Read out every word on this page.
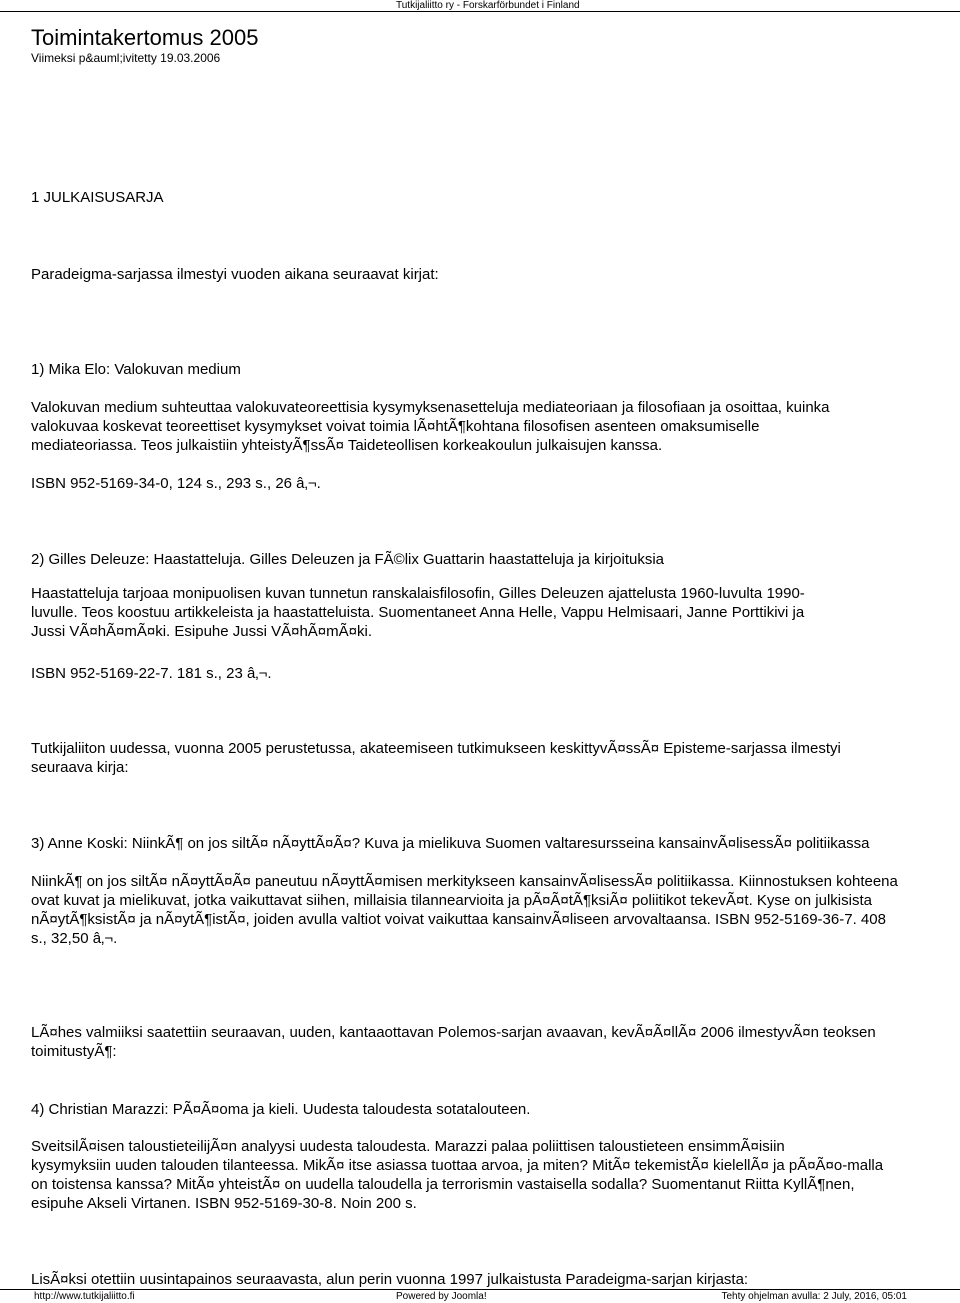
Tutkijaliitto ry - Forskarförbundet i Finland
Toimintakertomus 2005
Viimeksi p&auml;ivitetty 19.03.2006
1 JULKAISUSARJA
Paradeigma-sarjassa ilmestyi vuoden aikana seuraavat kirjat:
1) Mika Elo: Valokuvan medium
Valokuvan medium suhteuttaa valokuvateoreettisia kysymyksenasetteluja mediateoriaan ja filosofiaan ja osoittaa, kuinka
valokuvaa koskevat teoreettiset kysymykset voivat toimia lÃ¤htÃ¶kohtana filosofisen asenteen omaksumiselle
mediateoriassa. Teos julkaistiin yhteistyÃ¶ssÃ¤ Taideteollisen korkeakoulun julkaisujen kanssa.
ISBN 952-5169-34-0, 124 s., 293 s., 26 â‚¬.
2) Gilles Deleuze: Haastatteluja. Gilles Deleuzen ja FÃ©lix Guattarin haastatteluja ja kirjoituksia
Haastatteluja tarjoaa monipuolisen kuvan tunnetun ranskalaisfilosofin, Gilles Deleuzen ajattelusta 1960-luvulta 1990-
luvulle. Teos koostuu artikkeleista ja haastatteluista. Suomentaneet Anna Helle, Vappu Helmisaari, Janne Porttikivi ja
Jussi VÃ¤hÃ¤mÃ¤ki. Esipuhe Jussi VÃ¤hÃ¤mÃ¤ki.
ISBN 952-5169-22-7. 181 s., 23 â‚¬.
Tutkijaliiton uudessa, vuonna 2005 perustetussa, akateemiseen tutkimukseen keskittyvÃ¤ssÃ¤ Episteme-sarjassa ilmestyi
seuraava kirja:
3) Anne Koski: NiinkÃ¶ on jos siltÃ¤ nÃ¤yttÃ¤Ã¤? Kuva ja mielikuva Suomen valtaresursseina kansainvÃ¤lisessÃ¤ politiikassa
NiinkÃ¶ on jos siltÃ¤ nÃ¤yttÃ¤Ã¤ paneutuu nÃ¤yttÃ¤misen merkitykseen kansainvÃ¤lisessÃ¤ politiikassa. Kiinnostuksen kohteena
ovat kuvat ja mielikuvat, jotka vaikuttavat siihen, millaisia tilannearvioita ja pÃ¤Ã¤tÃ¶ksiÃ¤ poliitikot tekevÃ¤t. Kyse on julkisista
nÃ¤ytÃ¶ksistÃ¤ ja nÃ¤ytÃ¶istÃ¤, joiden avulla valtiot voivat vaikuttaa kansainvÃ¤liseen arvovaltaansa. ISBN 952-5169-36-7. 408
s., 32,50 â‚¬.
LÃ¤hes valmiiksi saatettiin seuraavan, uuden, kantaaottavan Polemos-sarjan avaavan, kevÃ¤Ã¤llÃ¤ 2006 ilmestyvÃ¤n teoksen
toimitustyÃ¶:
4) Christian Marazzi: PÃ¤Ã¤oma ja kieli. Uudesta taloudesta sotatalouteen.
SveitsilÃ¤isen taloustieteilijÃ¤n analyysi uudesta taloudesta. Marazzi palaa poliittisen taloustieteen ensimmÃ¤isiin
kysymyksiin uuden talouden tilanteessa. MikÃ¤ itse asiassa tuottaa arvoa, ja miten? MitÃ¤ tekemistÃ¤ kielellÃ¤ ja pÃ¤Ã¤o-malla
on toistensa kanssa? MitÃ¤ yhteistÃ¤ on uudella taloudella ja terrorismin vastaisella sodalla? Suomentanut Riitta KyllÃ¶nen,
esipuhe Akseli Virtanen. ISBN 952-5169-30-8. Noin 200 s.
LisÃ¤ksi otettiin uusintapainos seuraavasta, alun perin vuonna 1997 julkaistusta Paradeigma-sarjan kirjasta:
http://www.tutkijaliitto.fi	Powered by Joomla!	Tehty ohjelman avulla: 2 July, 2016, 05:01
